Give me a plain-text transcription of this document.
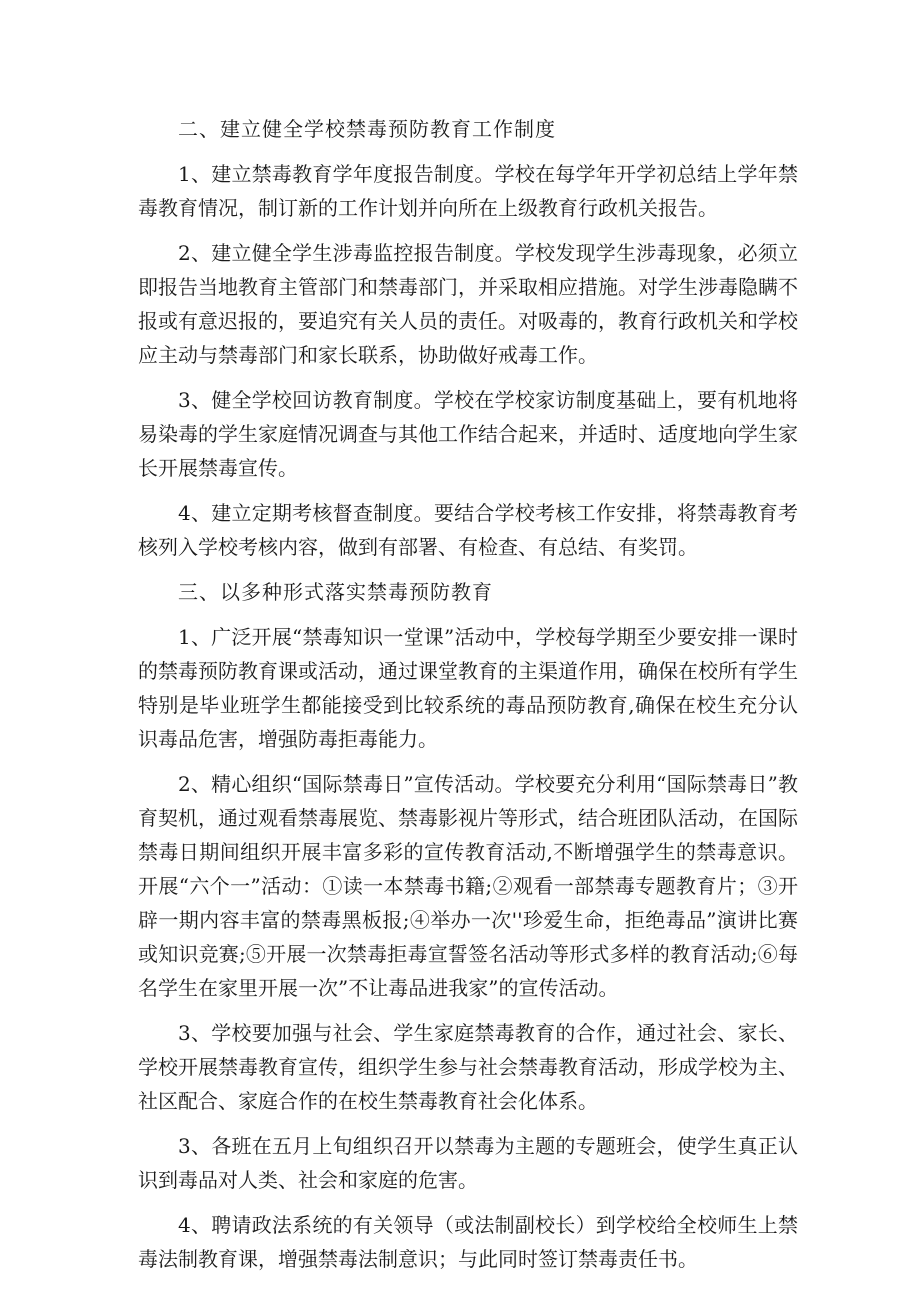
二、建立健全学校禁毒预防教育工作制度

1、建立禁毒教育学年度报告制度。学校在每学年开学初总结上学年禁毒教育情况，制订新的工作计划并向所在上级教育行政机关报告。

2、建立健全学生涉毒监控报告制度。学校发现学生涉毒现象，必须立即报告当地教育主管部门和禁毒部门，并采取相应措施。对学生涉毒隐瞒不报或有意迟报的，要追究有关人员的责任。对吸毒的，教育行政机关和学校应主动与禁毒部门和家长联系，协助做好戒毒工作。

3、健全学校回访教育制度。学校在学校家访制度基础上，要有机地将易染毒的学生家庭情况调查与其他工作结合起来，并适时、适度地向学生家长开展禁毒宣传。

4、建立定期考核督查制度。要结合学校考核工作安排，将禁毒教育考核列入学校考核内容，做到有部署、有检查、有总结、有奖罚。

三、以多种形式落实禁毒预防教育

1、广泛开展“禁毒知识一堂课”活动中，学校每学期至少要安排一课时的禁毒预防教育课或活动，通过课堂教育的主渠道作用，确保在校所有学生特别是毕业班学生都能接受到比较系统的毒品预防教育,确保在校生充分认识毒品危害，增强防毒拒毒能力。

2、精心组织“国际禁毒日”宣传活动。学校要充分利用“国际禁毒日”教育契机，通过观看禁毒展览、禁毒影视片等形式，结合班团队活动，在国际禁毒日期间组织开展丰富多彩的宣传教育活动,不断增强学生的禁毒意识。开展“六个一”活动：①读一本禁毒书籍;②观看一部禁毒专题教育片；③开辟一期内容丰富的禁毒黑板报;④举办一次''珍爱生命，拒绝毒品”演讲比赛或知识竞赛;⑤开展一次禁毒拒毒宣誓签名活动等形式多样的教育活动;⑥每名学生在家里开展一次”不让毒品进我家”的宣传活动。

3、学校要加强与社会、学生家庭禁毒教育的合作，通过社会、家长、学校开展禁毒教育宣传，组织学生参与社会禁毒教育活动，形成学校为主、社区配合、家庭合作的在校生禁毒教育社会化体系。

3、各班在五月上旬组织召开以禁毒为主题的专题班会，使学生真正认识到毒品对人类、社会和家庭的危害。

4、聘请政法系统的有关领导（或法制副校长）到学校给全校师生上禁毒法制教育课，增强禁毒法制意识；与此同时签订禁毒责任书。
